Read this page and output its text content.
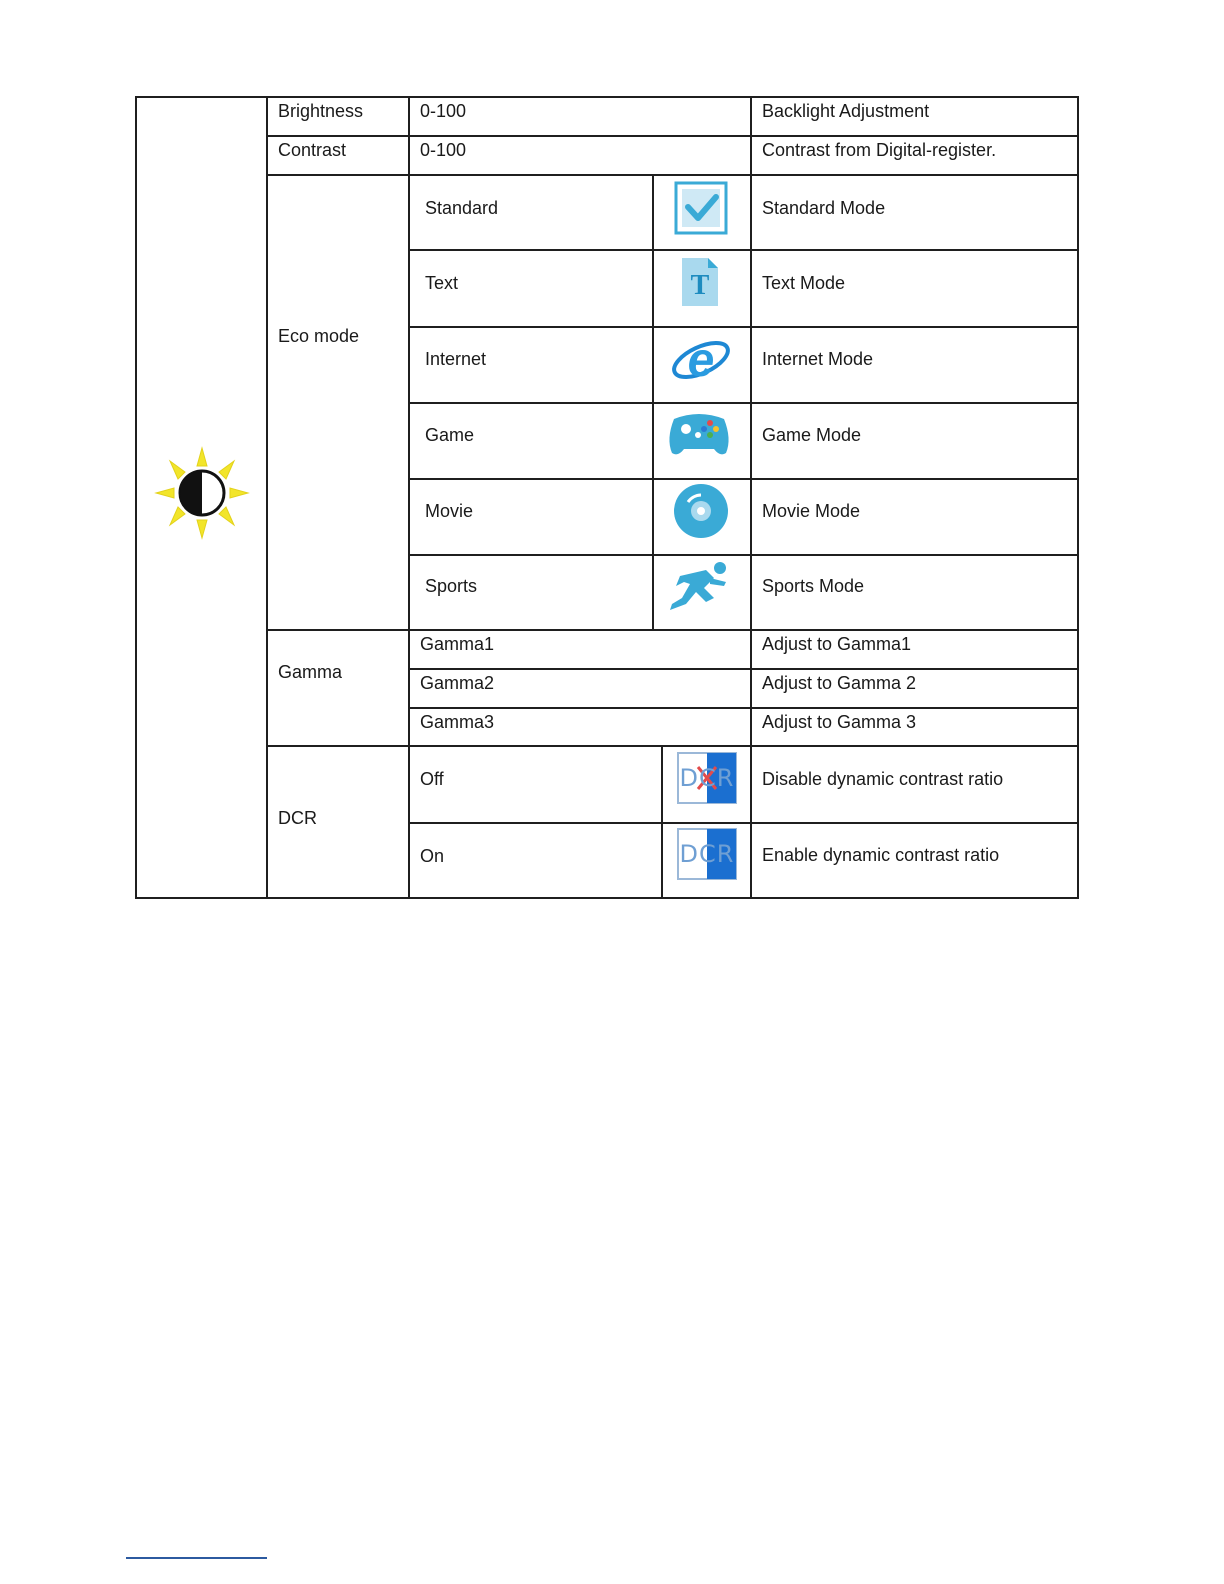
Brightness	0-100	Backlight Adjustment
Contrast	0-100	Contrast from Digital-register.
Eco mode
Standard	Standard Mode
Text	Text Mode
T
Internet	Internet Mode
e
Game	Game Mode
Movie	Movie Mode
Sports	Sports Mode
Gamma
Gamma1	Adjust to Gamma1
Gamma2	Adjust to Gamma 2
Gamma3	Adjust to Gamma 3
DCR
Off	Disable dynamic contrast ratio
DCR
On	Enable dynamic contrast ratio
DCR
